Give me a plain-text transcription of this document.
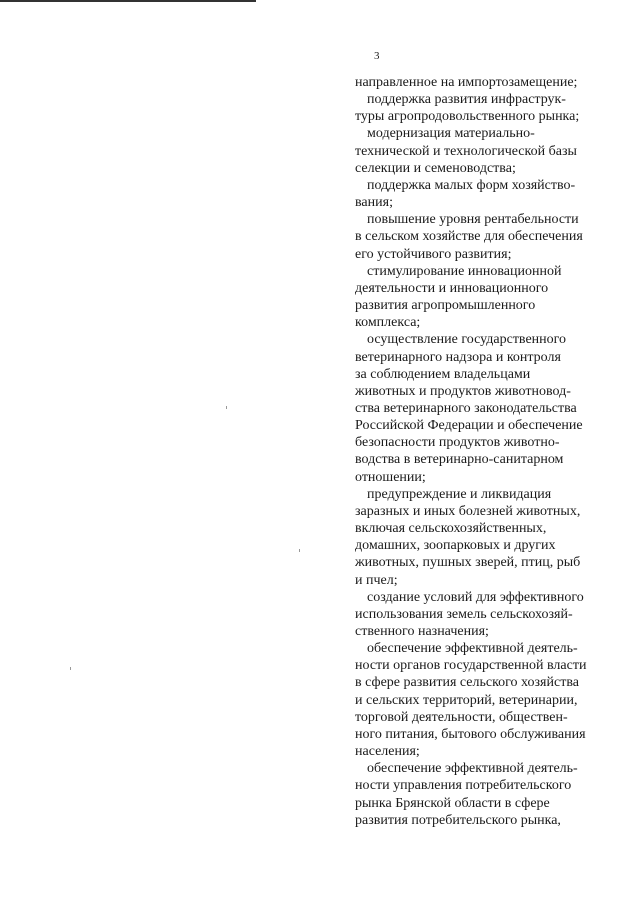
3
направленное на импортозамещение;
поддержка развития инфраструк-
туры агропродовольственного рынка;
модернизация материально-
технической и технологической базы
селекции и семеноводства;
поддержка малых форм хозяйство-
вания;
повышение уровня рентабельности
в сельском хозяйстве для обеспечения
его устойчивого развития;
стимулирование инновационной
деятельности и инновационного
развития агропромышленного
комплекса;
осуществление государственного
ветеринарного надзора и контроля
за соблюдением владельцами
животных и продуктов животновод-
ства ветеринарного законодательства
Российской Федерации и обеспечение
безопасности продуктов животно-
водства в ветеринарно-санитарном
отношении;
предупреждение и ликвидация
заразных и иных болезней животных,
включая сельскохозяйственных,
домашних, зоопарковых и других
животных, пушных зверей, птиц, рыб
и пчел;
создание условий для эффективного
использования земель сельскохозяй-
ственного назначения;
обеспечение эффективной деятель-
ности органов государственной власти
в сфере развития сельского хозяйства
и сельских территорий, ветеринарии,
торговой деятельности, обществен-
ного питания, бытового обслуживания
населения;
обеспечение эффективной деятель-
ности управления потребительского
рынка Брянской области в сфере
развития потребительского рынка,
